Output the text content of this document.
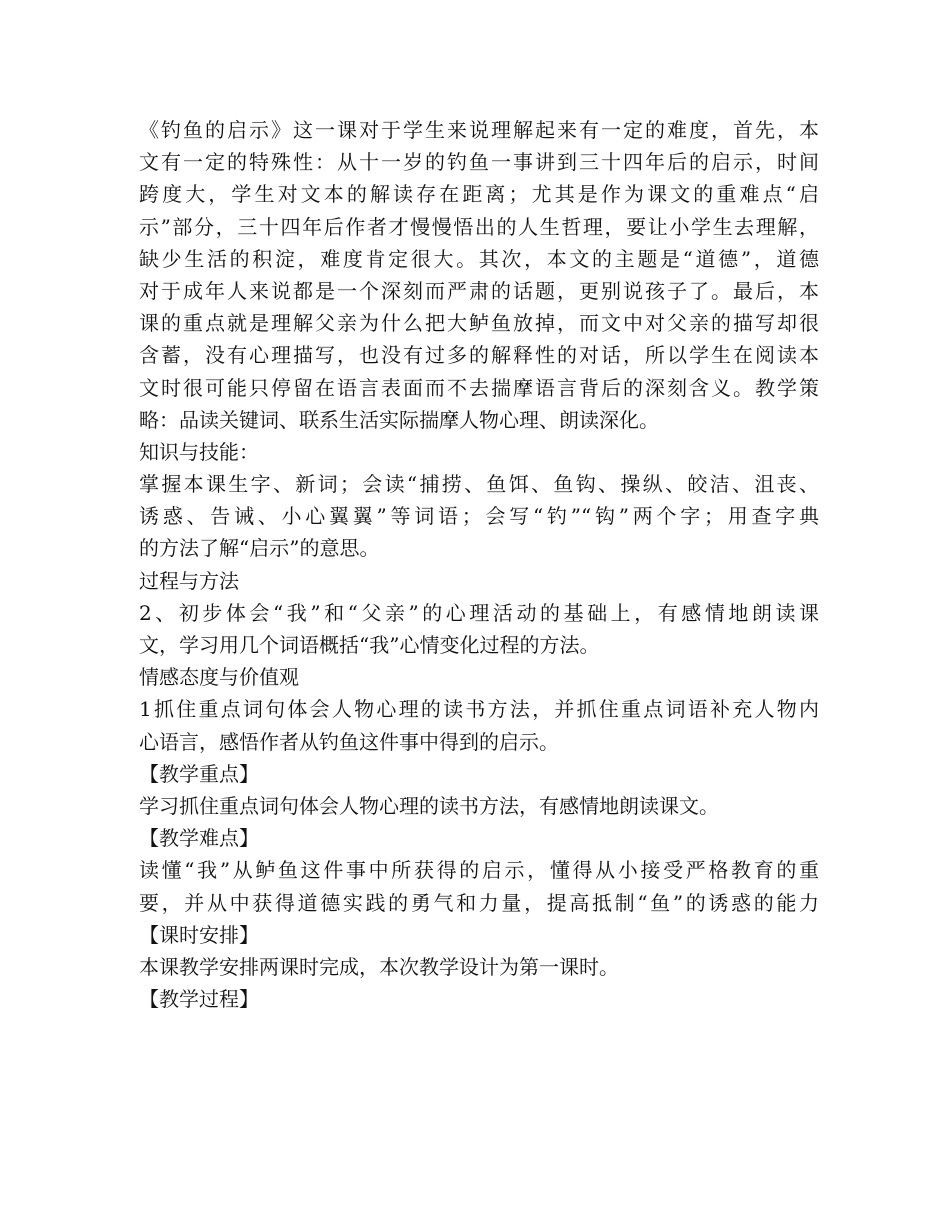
《钓鱼的启示》这一课对于学生来说理解起来有一定的难度，首先，本
文有一定的特殊性：从十一岁的钓鱼一事讲到三十四年后的启示，时间
跨度大，学生对文本的解读存在距离；尤其是作为课文的重难点“启
示”部分，三十四年后作者才慢慢悟出的人生哲理，要让小学生去理解，
缺少生活的积淀，难度肯定很大。其次，本文的主题是“道德”，道德
对于成年人来说都是一个深刻而严肃的话题，更别说孩子了。最后，本
课的重点就是理解父亲为什么把大鲈鱼放掉，而文中对父亲的描写却很
含蓄，没有心理描写，也没有过多的解释性的对话，所以学生在阅读本
文时很可能只停留在语言表面而不去揣摩语言背后的深刻含义。教学策
略：品读关键词、联系生活实际揣摩人物心理、朗读深化。
知识与技能：
掌握本课生字、新词；会读“捕捞、鱼饵、鱼钩、操纵、皎洁、沮丧、
诱惑、告诫、小心翼翼”等词语；会写“钓”“钩”两个字；用查字典
的方法了解“启示”的意思。
过程与方法
2、初步体会“我”和“父亲”的心理活动的基础上，有感情地朗读课
文，学习用几个词语概括“我”心情变化过程的方法。
情感态度与价值观
1抓住重点词句体会人物心理的读书方法，并抓住重点词语补充人物内
心语言，感悟作者从钓鱼这件事中得到的启示。
【教学重点】
学习抓住重点词句体会人物心理的读书方法，有感情地朗读课文。
【教学难点】
读懂“我”从鲈鱼这件事中所获得的启示，懂得从小接受严格教育的重
要，并从中获得道德实践的勇气和力量，提高抵制“鱼”的诱惑的能力
【课时安排】
本课教学安排两课时完成，本次教学设计为第一课时。
【教学过程】
